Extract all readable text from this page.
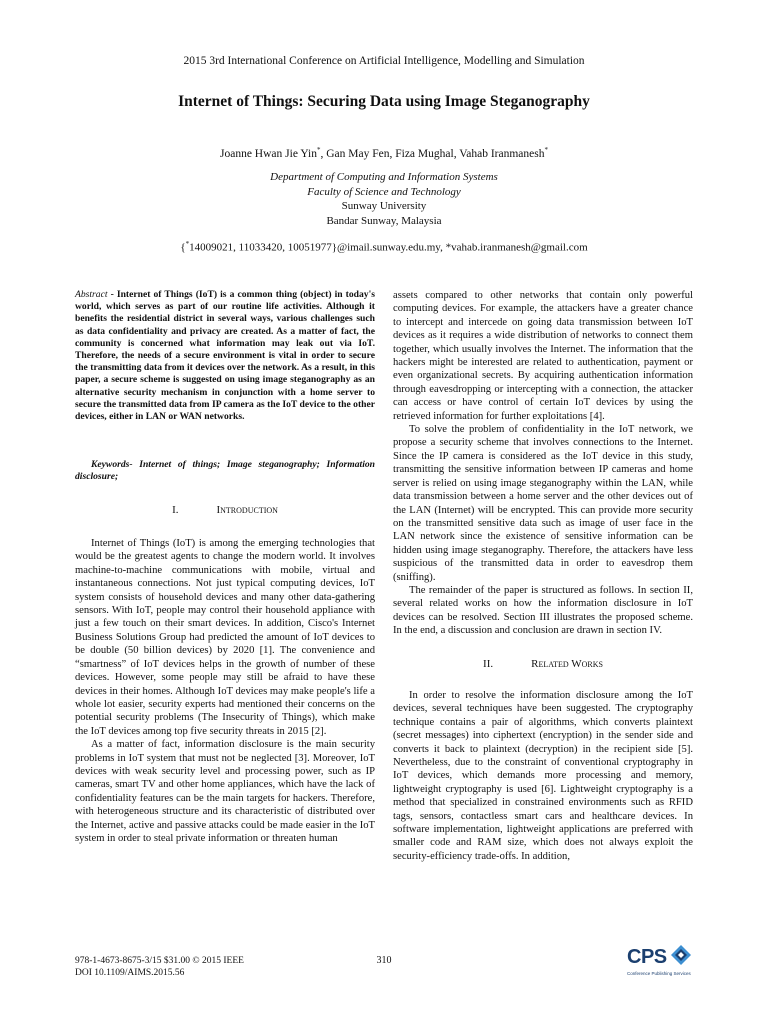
2015 3rd International Conference on Artificial Intelligence, Modelling and Simulation
Internet of Things: Securing Data using Image Steganography
Joanne Hwan Jie Yin*, Gan May Fen, Fiza Mughal, Vahab Iranmanesh*
Department of Computing and Information Systems
Faculty of Science and Technology
Sunway University
Bandar Sunway, Malaysia
{*14009021, 11033420, 10051977}@imail.sunway.edu.my, *vahab.iranmanesh@gmail.com

Abstract - Internet of Things (IoT) is a common thing (object) in today's world, which serves as part of our routine life activities. Although it benefits the residential district in several ways, various challenges such as data confidentiality and privacy are created. As a matter of fact, the community is concerned what information may leak out via IoT. Therefore, the needs of a secure environment is vital in order to secure the transmitting data from it devices over the network. As a result, in this paper, a secure scheme is suggested on using image steganography as an alternative security mechanism in conjunction with a home server to secure the transmitted data from IP camera as the IoT device to the other devices, either in LAN or WAN networks.

Keywords- Internet of things; Image steganography; Information disclosure;

I.	Introduction

Internet of Things (IoT) is among the emerging technologies that would be the greatest agents to change the modern world. It involves machine-to-machine communications with mobile, virtual and instantaneous connections. Not just typical computing devices, IoT system consists of household devices and many other data-gathering sensors. With IoT, people may control their household appliance with just a few touch on their smart devices. In addition, Cisco's Internet Business Solutions Group had predicted the amount of IoT devices to be double (50 billion devices) by 2020 [1]. The convenience and “smartness” of IoT devices helps in the growth of number of these devices. However, some people may still be afraid to have these devices in their homes. Although IoT devices may make people's life a whole lot easier, security experts had mentioned their concerns on the potential security problems (The Insecurity of Things), which make the IoT devices among top five security threats in 2015 [2].

As a matter of fact, information disclosure is the main security problems in IoT system that must not be neglected [3]. Moreover, IoT devices with weak security level and processing power, such as IP cameras, smart TV and other home appliances, which have the lack of confidentiality features can be the main targets for hackers. Therefore, with heterogeneous structure and its characteristic of distributed over the Internet, active and passive attacks could be made easier in the IoT system in order to steal private information or threaten human

assets compared to other networks that contain only powerful computing devices. For example, the attackers have a greater chance to intercept and intercede on going data transmission between IoT devices as it requires a wide distribution of networks to connect them together, which usually involves the Internet. The information that the hackers might be interested are related to authentication, payment or even organizational secrets. By acquiring authentication information through eavesdropping or intercepting with a connection, the attacker can access or have control of certain IoT devices by using the retrieved information for further exploitations [4].

To solve the problem of confidentiality in the IoT network, we propose a security scheme that involves connections to the Internet. Since the IP camera is considered as the IoT device in this study, transmitting the sensitive information between IP cameras and home server is relied on using image steganography within the LAN, while data transmission between a home server and the other devices out of the LAN (Internet) will be encrypted. This can provide more security on the transmitted sensitive data such as image of user face in the LAN network since the existence of sensitive information can be hidden using image steganography. Therefore, the attackers have less suspicious of the transmitted data in order to eavesdrop them (sniffing).

The remainder of the paper is structured as follows. In section II, several related works on how the information disclosure in IoT devices can be resolved. Section III illustrates the proposed scheme. In the end, a discussion and conclusion are drawn in section IV.

II.	Related Works

In order to resolve the information disclosure among the IoT devices, several techniques have been suggested. The cryptography technique contains a pair of algorithms, which converts plaintext (secret messages) into ciphertext (encryption) in the sender side and converts it back to plaintext (decryption) in the recipient side [5]. Nevertheless, due to the constraint of conventional cryptography in IoT devices, which demands more processing and memory, lightweight cryptography is used [6]. Lightweight cryptography is a method that specialized in constrained environments such as RFID tags, sensors, contactless smart cars and healthcare devices. In software implementation, lightweight applications are preferred with smaller code and RAM size, which does not always exploit the security-efficiency trade-offs. In addition,

978-1-4673-8675-3/15 $31.00 © 2015 IEEE
DOI 10.1109/AIMS.2015.56
310	CPS
Conference Publishing Services
